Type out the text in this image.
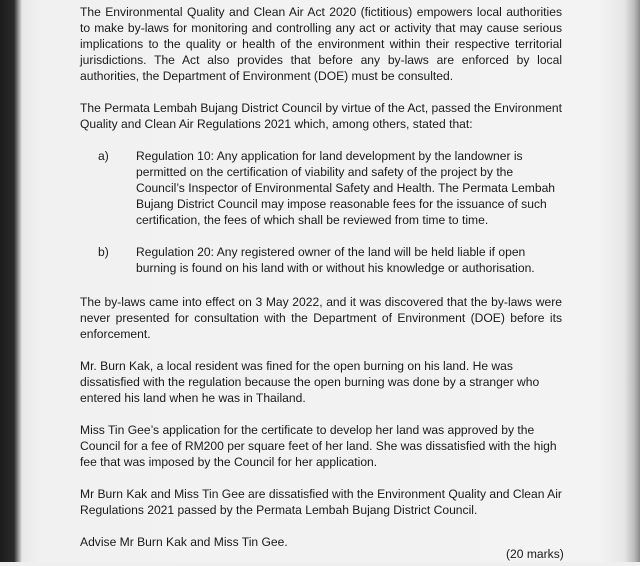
The Environmental Quality and Clean Air Act 2020 (fictitious) empowers local authorities to make by-laws for monitoring and controlling any act or activity that may cause serious implications to the quality or health of the environment within their respective territorial jurisdictions. The Act also provides that before any by-laws are enforced by local authorities, the Department of Environment (DOE) must be consulted.

The Permata Lembah Bujang District Council by virtue of the Act, passed the Environment Quality and Clean Air Regulations 2021 which, among others, stated that:

a) Regulation 10: Any application for land development by the landowner is permitted on the certification of viability and safety of the project by the Council’s Inspector of Environmental Safety and Health. The Permata Lembah Bujang District Council may impose reasonable fees for the issuance of such certification, the fees of which shall be reviewed from time to time.
b) Regulation 20: Any registered owner of the land will be held liable if open burning is found on his land with or without his knowledge or authorisation.

The by-laws came into effect on 3 May 2022, and it was discovered that the by-laws were never presented for consultation with the Department of Environment (DOE) before its enforcement.

Mr. Burn Kak, a local resident was fined for the open burning on his land. He was dissatisfied with the regulation because the open burning was done by a stranger who entered his land when he was in Thailand.

Miss Tin Gee’s application for the certificate to develop her land was approved by the Council for a fee of RM200 per square feet of her land. She was dissatisfied with the high fee that was imposed by the Council for her application.

Mr Burn Kak and Miss Tin Gee are dissatisfied with the Environment Quality and Clean Air Regulations 2021 passed by the Permata Lembah Bujang District Council.

Advise Mr Burn Kak and Miss Tin Gee.

(20 marks)
